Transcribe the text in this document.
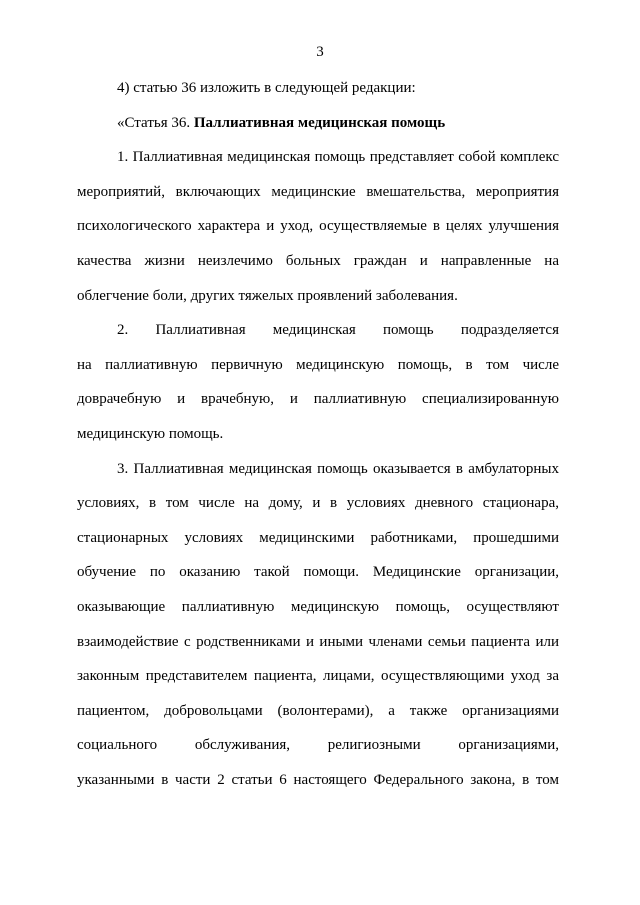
3
4) статью 36 изложить в следующей редакции:
«Статья 36. Паллиативная медицинская помощь
1. Паллиативная медицинская помощь представляет собой комплекс
мероприятий, включающих медицинские вмешательства, мероприятия
психологического характера и уход, осуществляемые в целях улучшения
качества жизни неизлечимо больных граждан и направленные на
облегчение боли, других тяжелых проявлений заболевания.
2. Паллиативная медицинская помощь подразделяется
на паллиативную первичную медицинскую помощь, в том числе
доврачебную и врачебную, и паллиативную специализированную
медицинскую помощь.
3. Паллиативная медицинская помощь оказывается в амбулаторных
условиях, в том числе на дому, и в условиях дневного стационара,
стационарных условиях медицинскими работниками, прошедшими
обучение по оказанию такой помощи. Медицинские организации,
оказывающие паллиативную медицинскую помощь, осуществляют
взаимодействие с родственниками и иными членами семьи пациента или
законным представителем пациента, лицами, осуществляющими уход за
пациентом, добровольцами (волонтерами), а также организациями
социального обслуживания, религиозными организациями,
указанными в части 2 статьи 6 настоящего Федерального закона, в том
